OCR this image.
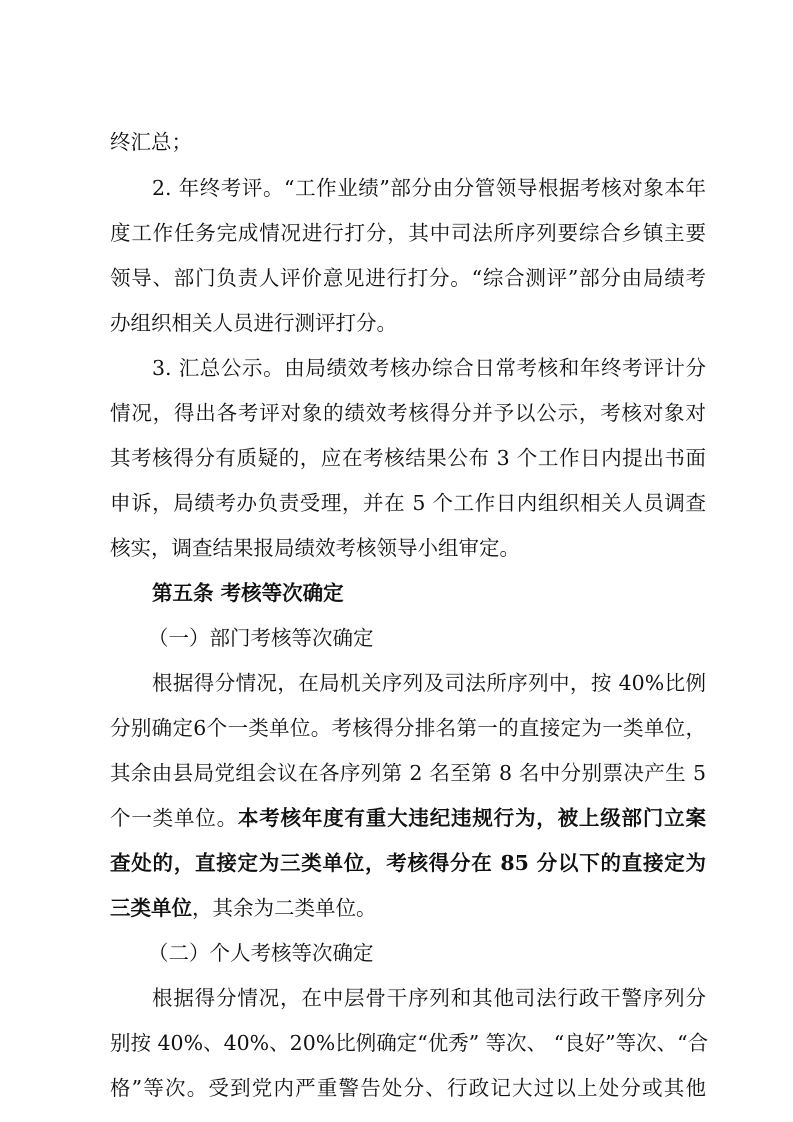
终汇总；
2. 年终考评。“工作业绩”部分由分管领导根据考核对象本年
度工作任务完成情况进行打分，其中司法所序列要综合乡镇主要
领导、部门负责人评价意见进行打分。“综合测评”部分由局绩考
办组织相关人员进行测评打分。
3. 汇总公示。由局绩效考核办综合日常考核和年终考评计分
情况，得出各考评对象的绩效考核得分并予以公示，考核对象对
其考核得分有质疑的，应在考核结果公布 3 个工作日内提出书面
申诉，局绩考办负责受理，并在 5 个工作日内组织相关人员调查
核实，调查结果报局绩效考核领导小组审定。
第五条 考核等次确定
（一）部门考核等次确定
根据得分情况，在局机关序列及司法所序列中，按 40%比例
分别确定6个一类单位。考核得分排名第一的直接定为一类单位，
其余由县局党组会议在各序列第 2 名至第 8 名中分别票决产生 5
个一类单位。本考核年度有重大违纪违规行为，被上级部门立案
查处的，直接定为三类单位，考核得分在 85 分以下的直接定为
三类单位，其余为二类单位。
（二）个人考核等次确定
根据得分情况，在中层骨干序列和其他司法行政干警序列分
别按 40%、40%、20%比例确定“优秀” 等次、 “良好”等次、“合
格”等次。受到党内严重警告处分、行政记大过以上处分或其他
